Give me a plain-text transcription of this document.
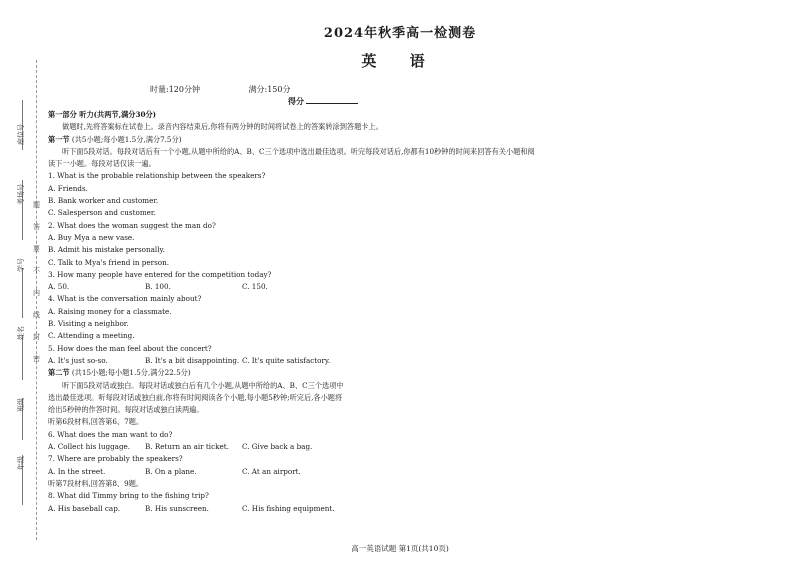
座位号
考场号
学号
姓名
班级
年级
题
答
要
不
内
线
封
密
2024年秋季高一检测卷
英 语
时量:120分钟	满分:150分
得分
第一部分 听力(共两节,满分30分)
做题时,先将答案标在试卷上。录音内容结束后,你将有两分钟的时间将试卷上的答案转涂到答题卡上。
第一节 (共5小题;每小题1.5分,满分7.5分)
听下面5段对话。每段对话后有一个小题,从题中所给的A、B、C三个选项中选出最佳选项。听完每段对话后,你都有10秒钟的时间来回答有关小题和阅读下一小题。每段对话仅读一遍。
1. What is the probable relationship between the speakers?
A. Friends.
B. Bank worker and customer.
C. Salesperson and customer.
2. What does the woman suggest the man do?
A. Buy Mya a new vase.
B. Admit his mistake personally.
C. Talk to Mya's friend in person.
3. How many people have entered for the competition today?
A. 50.	B. 100.	C. 150.
4. What is the conversation mainly about?
A. Raising money for a classmate.
B. Visiting a neighbor.
C. Attending a meeting.
5. How does the man feel about the concert?
A. It's just so-so.	B. It's a bit disappointing. C. It's quite satisfactory.
第二节 (共15小题;每小题1.5分,满分22.5分)
听下面5段对话或独白。每段对话或独白后有几个小题,从题中所给的A、B、C三个选项中选出最佳选项。听每段对话或独白前,你将有时间阅读各个小题,每小题5秒钟;听完后,各小题将给出5秒钟的作答时间。每段对话或独白读两遍。
听第6段材料,回答第6、7题。
6. What does the man want to do?
A. Collect his luggage.	B. Return an air ticket.	C. Give back a bag.
7. Where are probably the speakers?
A. In the street.	B. On a plane.	C. At an airport.
听第7段材料,回答第8、9题。
8. What did Timmy bring to the fishing trip?
A. His baseball cap.	B. His sunscreen.	C. His fishing equipment.
高一英语试题 第1页(共10页)
